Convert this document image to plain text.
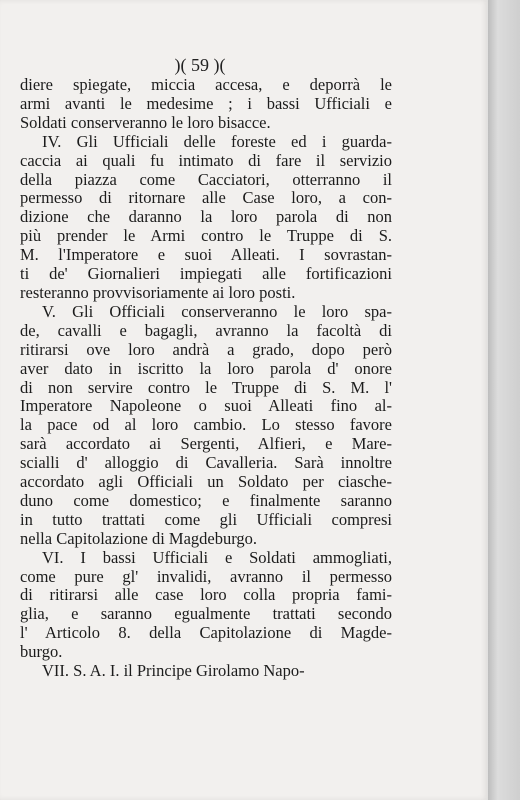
)( 59 )(
diere spiegate, miccia accesa, e deporrà le
armi avanti le medesime ; i bassi Ufficiali e
Soldati conserveranno le loro bisacce.
IV. Gli Ufficiali delle foreste ed i guarda-
caccia ai quali fu intimato di fare il servizio
della piazza come Cacciatori, otterranno il
permesso di ritornare alle Case loro, a con-
dizione che daranno la loro parola di non
più prender le Armi contro le Truppe di S.
M. l'Imperatore e suoi Alleati. I sovrastan-
ti de' Giornalieri impiegati alle fortificazioni
resteranno provvisoriamente ai loro posti.
V. Gli Officiali conserveranno le loro spa-
de, cavalli e bagagli, avranno la facoltà di
ritirarsi ove loro andrà a grado, dopo però
aver dato in iscritto la loro parola d' onore
di non servire contro le Truppe di S. M. l'
Imperatore Napoleone o suoi Alleati fino al-
la pace od al loro cambio. Lo stesso favore
sarà accordato ai Sergenti, Alfieri, e Mare-
scialli d' alloggio di Cavalleria. Sarà innoltre
accordato agli Officiali un Soldato per ciasche-
duno come domestico; e finalmente saranno
in tutto trattati come gli Ufficiali compresi
nella Capitolazione di Magdeburgo.
VI. I bassi Ufficiali e Soldati ammogliati,
come pure gl' invalidi, avranno il permesso
di ritirarsi alle case loro colla propria fami-
glia, e saranno egualmente trattati secondo
l' Articolo 8. della Capitolazione di Magde-
burgo.
VII. S. A. I. il Principe Girolamo Napo-
